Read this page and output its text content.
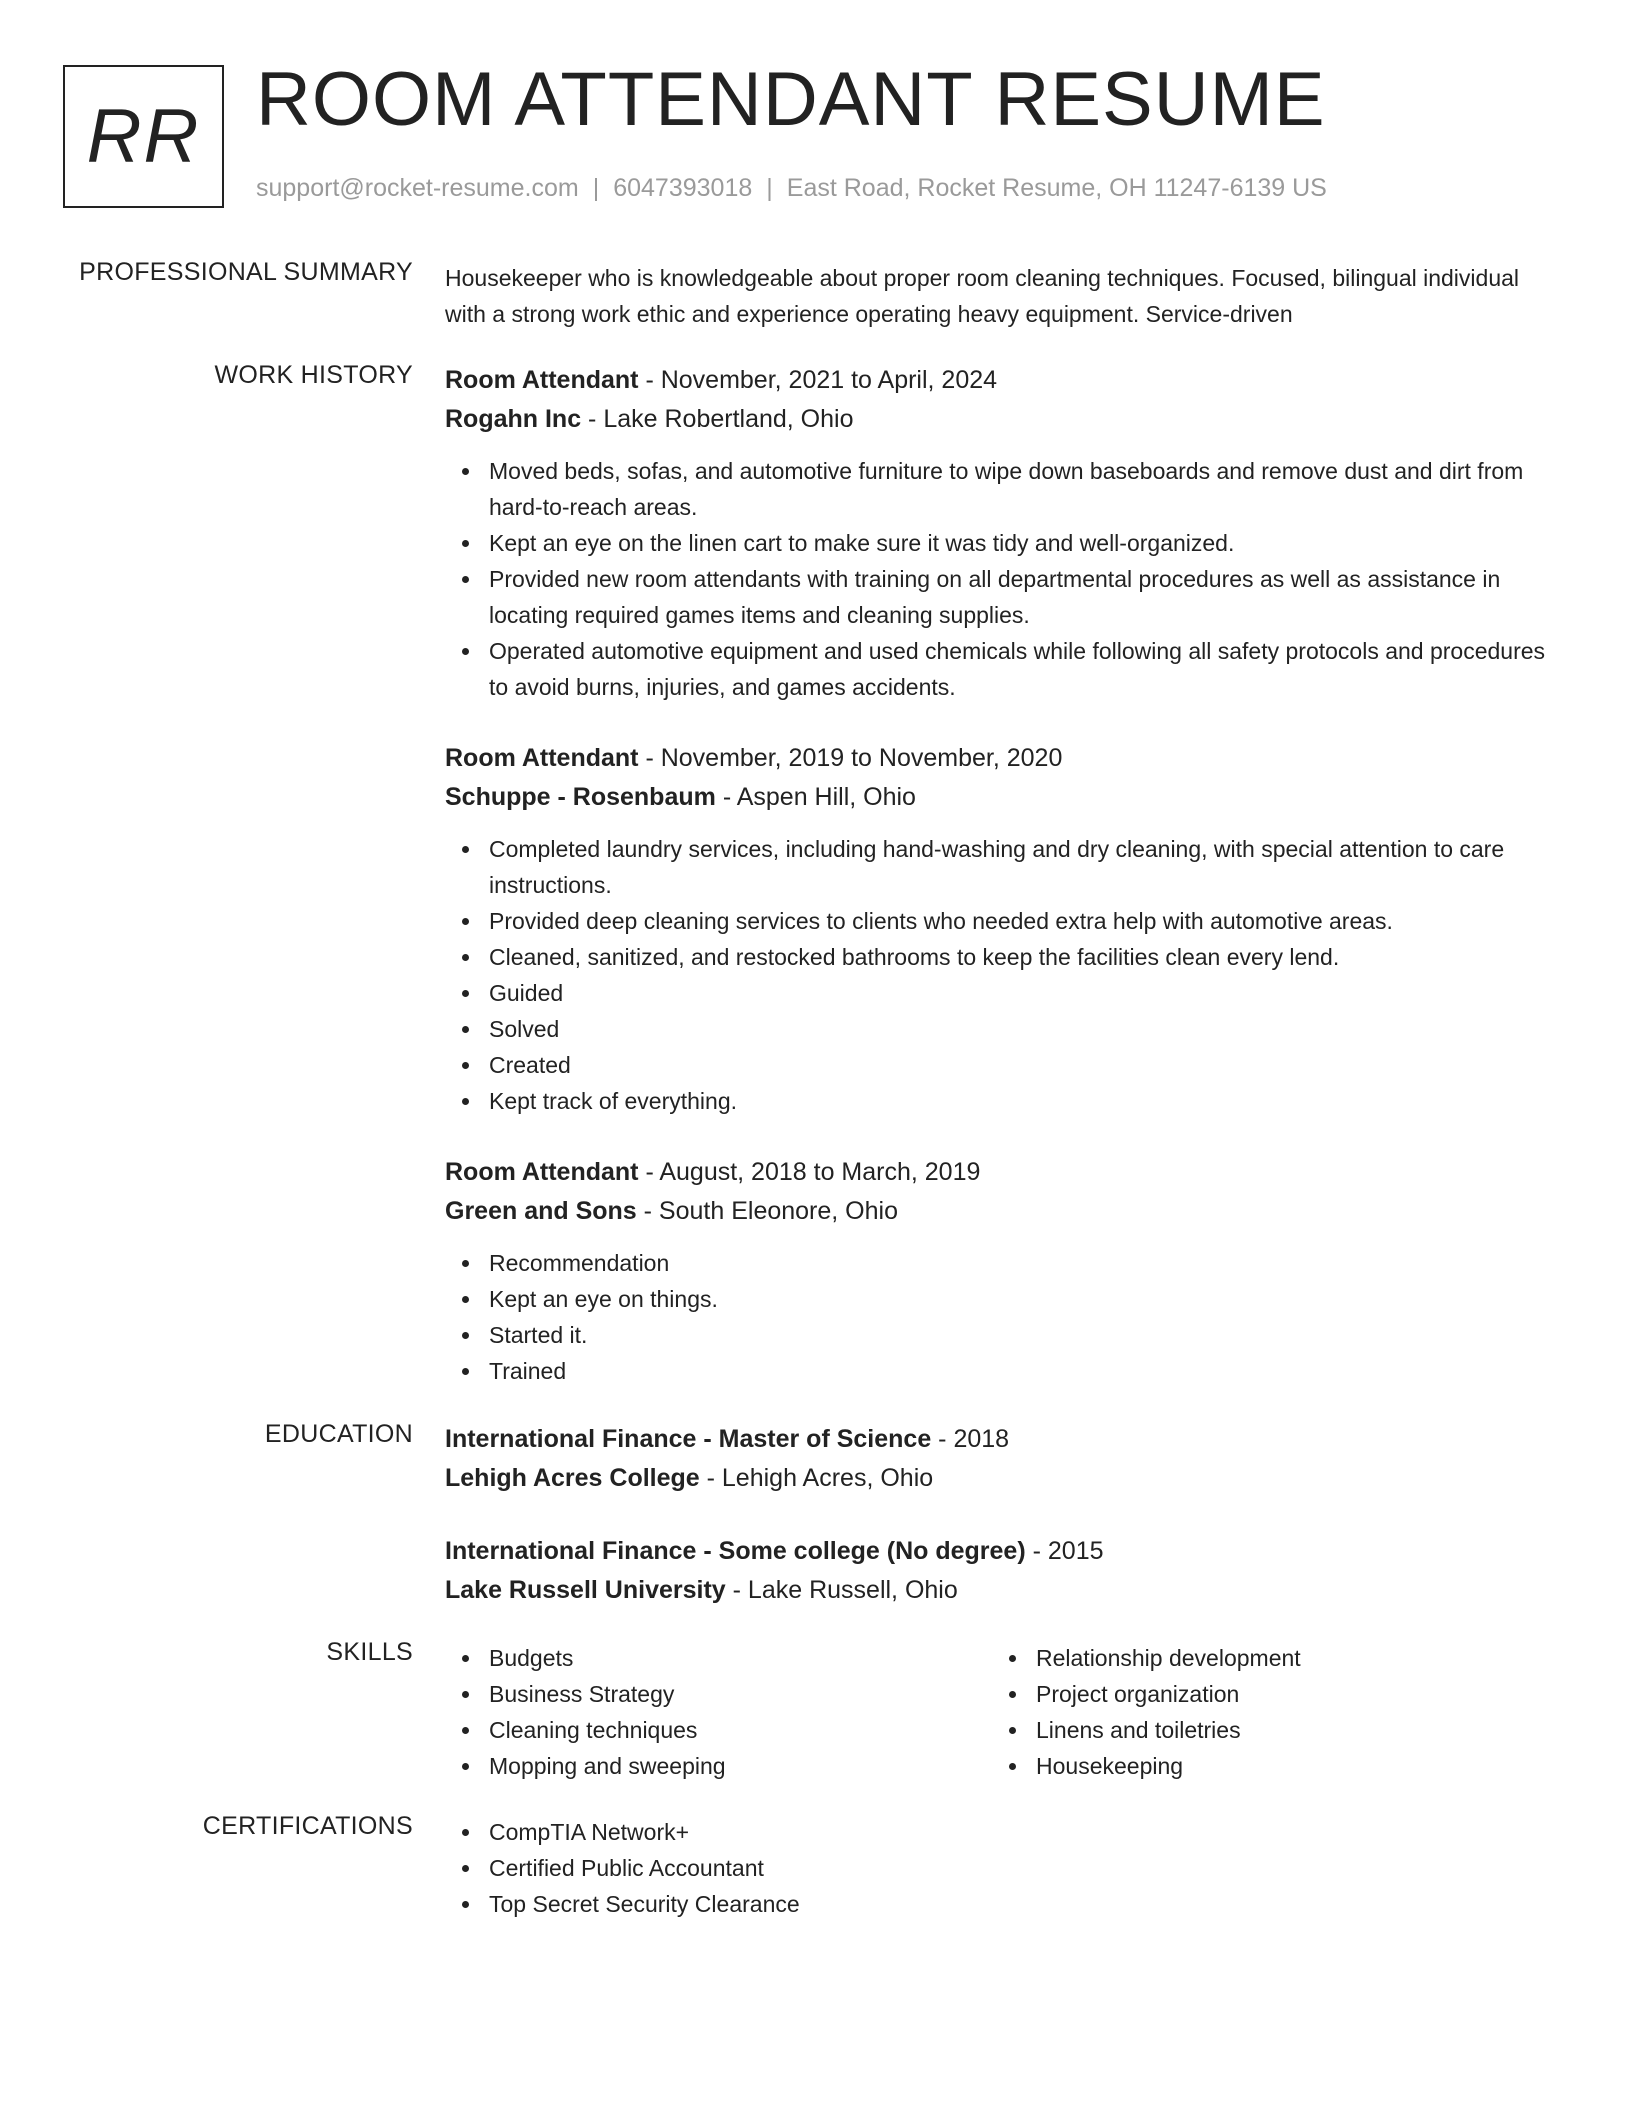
RR ROOM ATTENDANT RESUME
support@rocket-resume.com | 6047393018 | East Road, Rocket Resume, OH 11247-6139 US
PROFESSIONAL SUMMARY Housekeeper who is knowledgeable about proper room cleaning techniques. Focused, bilingual individual with a strong work ethic and experience operating heavy equipment. Service-driven
WORK HISTORY Room Attendant - November, 2021 to April, 2024
Rogahn Inc - Lake Robertland, Ohio
Moved beds, sofas, and automotive furniture to wipe down baseboards and remove dust and dirt from hard-to-reach areas.
Kept an eye on the linen cart to make sure it was tidy and well-organized.
Provided new room attendants with training on all departmental procedures as well as assistance in locating required games items and cleaning supplies.
Operated automotive equipment and used chemicals while following all safety protocols and procedures to avoid burns, injuries, and games accidents.
Room Attendant - November, 2019 to November, 2020
Schuppe - Rosenbaum - Aspen Hill, Ohio
Completed laundry services, including hand-washing and dry cleaning, with special attention to care instructions.
Provided deep cleaning services to clients who needed extra help with automotive areas.
Cleaned, sanitized, and restocked bathrooms to keep the facilities clean every lend.
Guided
Solved
Created
Kept track of everything.
Room Attendant - August, 2018 to March, 2019
Green and Sons - South Eleonore, Ohio
Recommendation
Kept an eye on things.
Started it.
Trained
EDUCATION International Finance - Master of Science - 2018
Lehigh Acres College - Lehigh Acres, Ohio
International Finance - Some college (No degree) - 2015
Lake Russell University - Lake Russell, Ohio
SKILLS	Budgets
Business Strategy
Cleaning techniques
Mopping and sweeping
Relationship development
Project organization
Linens and toiletries
Housekeeping
CERTIFICATIONS	CompTIA Network+
Certified Public Accountant
Top Secret Security Clearance
